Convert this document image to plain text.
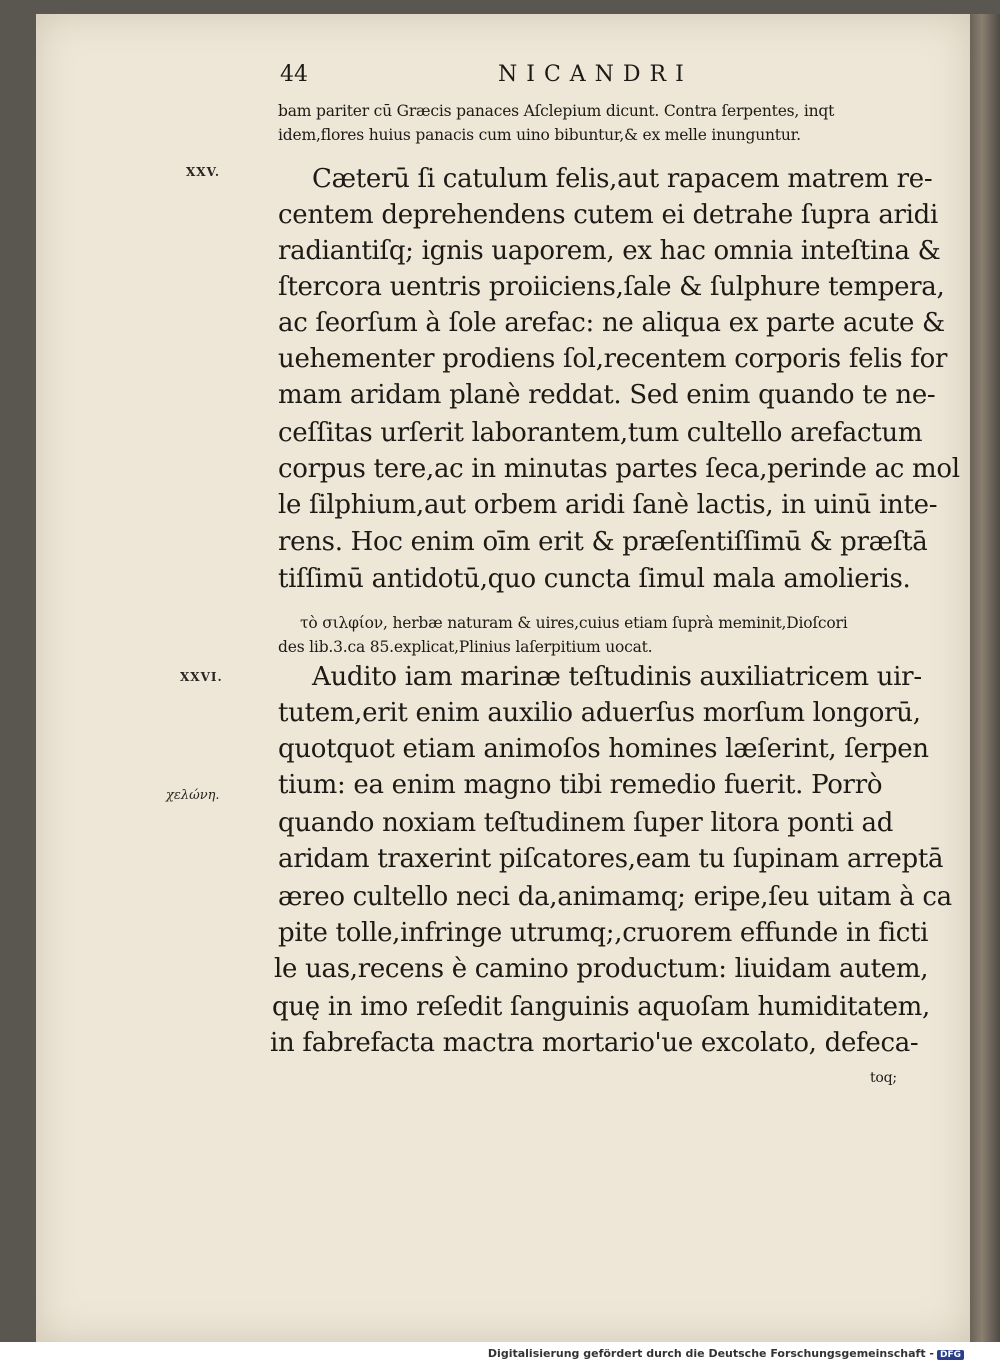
44	NICANDRI
XXV.
XXVI.
χελώνη.
bam pariter cū Græcis panaces Aſclepium dicunt. Contra ſerpentes, inqt
idem,flores huius panacis cum uino bibuntur,& ex melle inunguntur.
Cæterū ſi catulum felis,aut rapacem matrem re-
centem deprehendens cutem ei detrahe ſupra aridi
radiantiſq; ignis uaporem, ex hac omnia inteſtina &
ſtercora uentris proiiciens,ſale & ſulphure tempera,
ac ſeorſum à ſole arefac: ne aliqua ex parte acute &
uehementer prodiens ſol,recentem corporis felis for
mam aridam planè reddat. Sed enim quando te ne-
ceſſitas urſerit laborantem,tum cultello arefactum
corpus tere,ac in minutas partes ſeca,perinde ac mol
le ſilphium,aut orbem aridi ſanè lactis, in uinū inte-
rens. Hoc enim oīm erit & præſentiſſimū & præſtā
tiſſimū antidotū,quo cuncta ſimul mala amolieris.
τὸ σιλφίον, herbæ naturam & uires,cuius etiam ſuprà meminit,Dioſcori
des lib.3.ca 85.explicat,Plinius laſerpitium uocat.
Audito iam marinæ teſtudinis auxiliatricem uir-
tutem,erit enim auxilio aduerſus morſum longorū,
quotquot etiam animoſos homines læſerint, ſerpen
tium: ea enim magno tibi remedio fuerit. Porrò
quando noxiam teſtudinem ſuper litora ponti ad
aridam traxerint piſcatores,eam tu ſupinam arreptā
æreo cultello neci da,animamq; eripe,ſeu uitam à ca
pite tolle,infringe utrumq;,cruorem effunde in ficti
le uas,recens è camino productum: liuidam autem,
quę in imo reſedit ſanguinis aquoſam humiditatem,
in fabrefacta mactra mortario'ue excolato, defeca-
toq;
Digitalisierung gefördert durch die Deutsche Forschungsgemeinschaft - DFG
